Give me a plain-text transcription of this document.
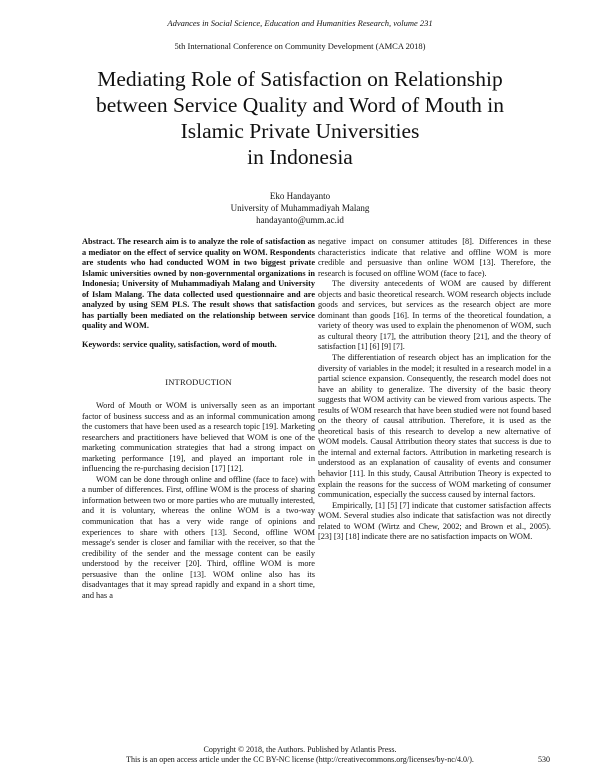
Advances in Social Science, Education and Humanities Research, volume 231
5th International Conference on Community Development (AMCA 2018)
Mediating Role of Satisfaction on Relationship
between Service Quality and Word of Mouth in
Islamic Private Universities
in Indonesia
Eko Handayanto
University of Muhammadiyah Malang
handayanto@umm.ac.id

Abstract. The research aim is to analyze the role of satisfaction as a mediator on the effect of service quality on WOM. Respondents are students who had conducted WOM in two biggest private Islamic universities owned by non-governmental organizations in Indonesia; University of Muhammadiyah Malang and University of Islam Malang. The data collected used questionnaire and are analyzed by using SEM PLS. The result shows that satisfaction has partially been mediated on the relationship between service quality and WOM.

Keywords: service quality, satisfaction, word of mouth.

INTRODUCTION

Word of Mouth or WOM is universally seen as an important factor of business success and as an informal communication among the customers that have been used as a research topic [19]. Marketing researchers and practitioners have believed that WOM is one of the marketing communication strategies that had a strong impact on marketing performance [19], and played an important role in influencing the re-purchasing decision [17] [12].

WOM can be done through online and offline (face to face) with a number of differences. First, offline WOM is the process of sharing information between two or more parties who are mutually interested, and it is voluntary, whereas the online WOM is a two-way communication that has a very wide range of opinions and experiences to share with others [13]. Second, offline WOM message's sender is closer and familiar with the receiver, so that the credibility of the sender and the message content can be easily understood by the receiver [20]. Third, offline WOM is more persuasive than the online [13]. WOM online also has its disadvantages that it may spread rapidly and expand in a short time, and has a

negative impact on consumer attitudes [8]. Differences in these characteristics indicate that relative and offline WOM is more credible and persuasive than online WOM [13]. Therefore, the research is focused on offline WOM (face to face).

The diversity antecedents of WOM are caused by different objects and basic theoretical research. WOM research objects include goods and services, but services as the research object are more dominant than goods [16]. In terms of the theoretical foundation, a variety of theory was used to explain the phenomenon of WOM, such as cultural theory [17], the attribution theory [21], and the theory of satisfaction [1] [6] [9] [7].

The differentiation of research object has an implication for the diversity of variables in the model; it resulted in a research model in a partial science expansion. Consequently, the research model does not have an ability to generalize. The diversity of the basic theory suggests that WOM activity can be viewed from various aspects. The results of WOM research that have been studied were not found based on the theory of causal attribution. Therefore, it is used as the theoretical basis of this research to develop a new alternative of WOM models. Causal Attribution theory states that success is due to the internal and external factors. Attribution in marketing research is understood as an explanation of causality of events and consumer behavior [11]. In this study, Causal Attribution Theory is expected to explain the reasons for the success of WOM marketing of consumer communication, especially the success caused by internal factors.

Empirically, [1] [5] [7] indicate that customer satisfaction affects WOM. Several studies also indicate that satisfaction was not directly related to WOM (Wirtz and Chew, 2002; and Brown et al., 2005). [23] [3] [18] indicate there are no satisfaction impacts on WOM.

Copyright © 2018, the Authors. Published by Atlantis Press.
This is an open access article under the CC BY-NC license (http://creativecommons.org/licenses/by-nc/4.0/).	530
